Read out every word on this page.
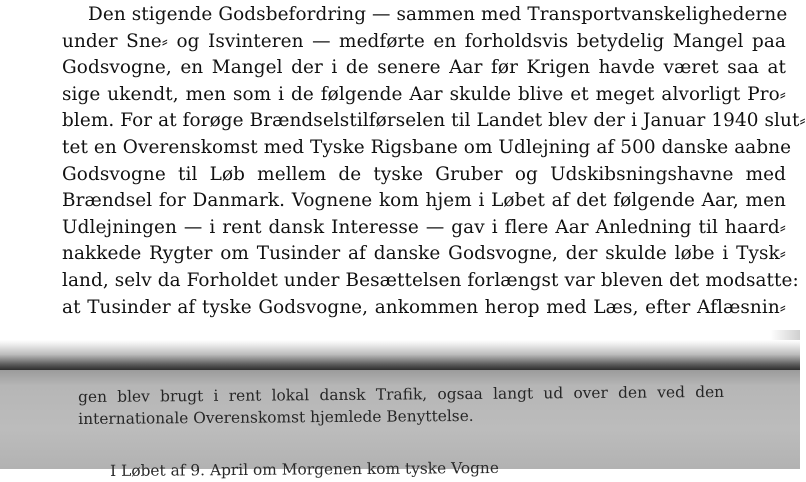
Den stigende Godsbefordring — sammen med Transportvanskelighederne
under Sne⸗ og Isvinteren — medførte en forholdsvis betydelig Mangel paa
Godsvogne, en Mangel der i de senere Aar før Krigen havde været saa at
sige ukendt, men som i de følgende Aar skulde blive et meget alvorligt Pro⸗
blem. For at forøge Brændselstilførselen til Landet blev der i Januar 1940 slut⸗
tet en Overenskomst med Tyske Rigsbane om Udlejning af 500 danske aabne
Godsvogne til Løb mellem de tyske Gruber og Udskibsningshavne med
Brændsel for Danmark. Vognene kom hjem i Løbet af det følgende Aar, men
Udlejningen — i rent dansk Interesse — gav i flere Aar Anledning til haard⸗
nakkede Rygter om Tusinder af danske Godsvogne, der skulde løbe i Tysk⸗
land, selv da Forholdet under Besættelsen forlængst var bleven det modsatte:
at Tusinder af tyske Godsvogne, ankommen herop med Læs, efter Aflæsnin⸗
gen blev brugt i rent lokal dansk Trafik, ogsaa langt ud over den ved den
internationale Overenskomst hjemlede Benyttelse.
I Løbet af 9. April om Morgenen kom tyske Vogne
